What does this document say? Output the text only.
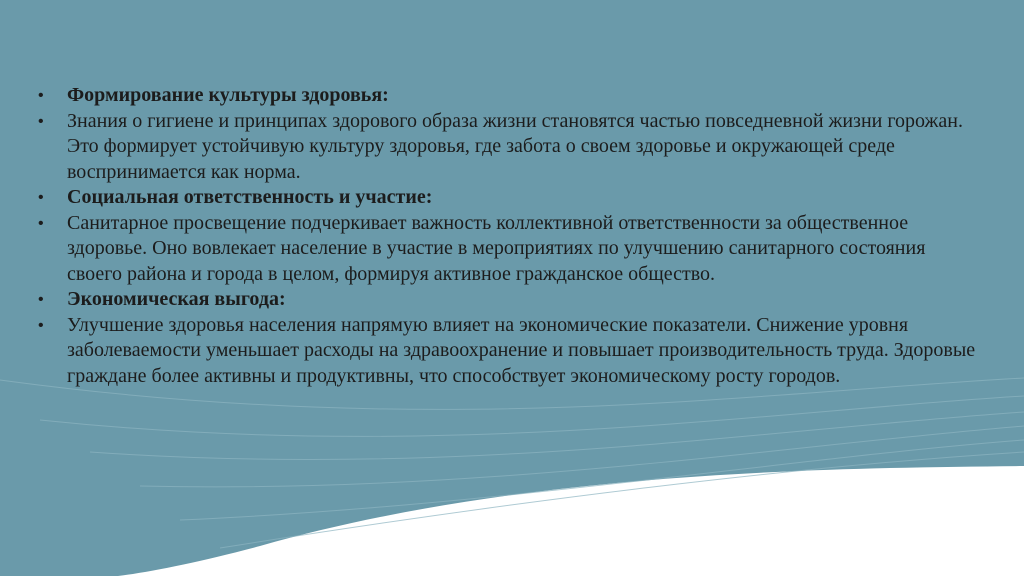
• Формирование культуры здоровья:
• Знания о гигиене и принципах здорового образа жизни становятся частью повседневной жизни горожан. Это формирует устойчивую культуру здоровья, где забота о своем здоровье и окружающей среде воспринимается как норма.
• Социальная ответственность и участие:
• Санитарное просвещение подчеркивает важность коллективной ответственности за общественное здоровье. Оно вовлекает население в участие в мероприятиях по улучшению санитарного состояния своего района и города в целом, формируя активное гражданское общество.
• Экономическая выгода:
• Улучшение здоровья населения напрямую влияет на экономические показатели. Снижение уровня заболеваемости уменьшает расходы на здравоохранение и повышает производительность труда. Здоровые граждане более активны и продуктивны, что способствует экономическому росту городов.
